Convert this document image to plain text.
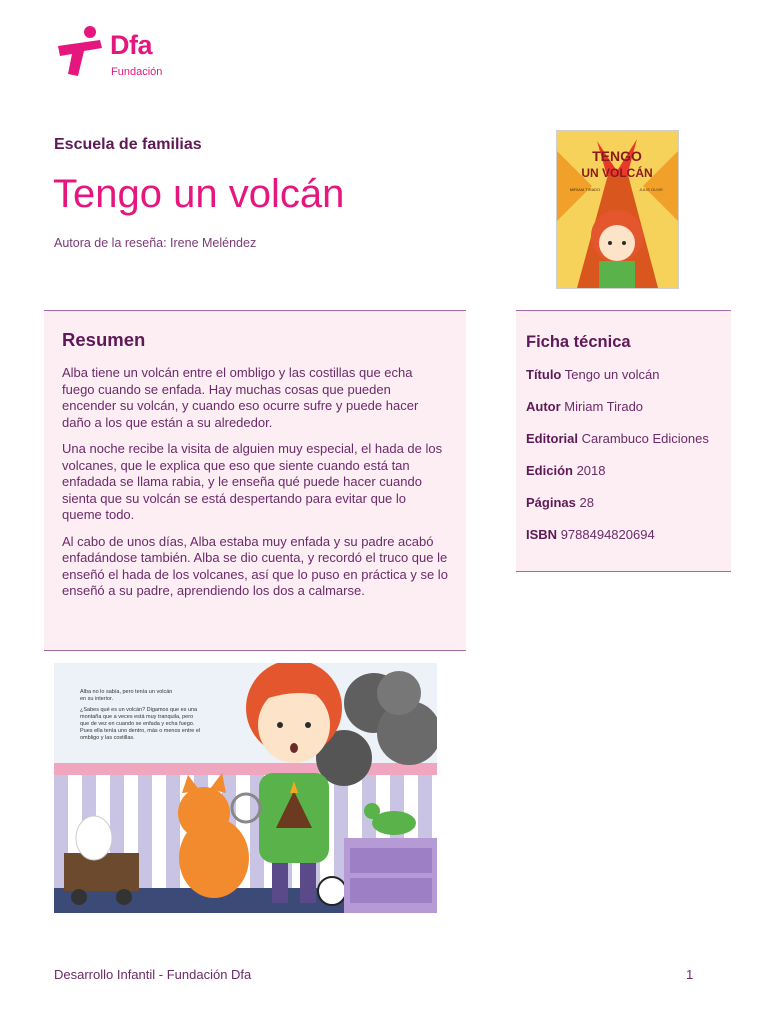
Dfa
Fundación
Escuela de familias
Tengo un volcán
Autora de la reseña: Irene Meléndez
TENGO
UN VOLCÁN
MIRIAM TIRADO	JULIE OLIVE
Resumen

Alba tiene un volcán entre el ombligo y las costillas que echa fuego cuando se enfada. Hay muchas cosas que pueden encender su volcán, y cuando eso ocurre sufre y puede hacer daño a los que están a su alrededor.

Una noche recibe la visita de alguien muy especial, el hada de los volcanes, que le explica que eso que siente cuando está tan enfadada se llama rabia, y le enseña qué puede hacer cuando sienta que su volcán se está despertando para evitar que lo queme todo.

Al cabo de unos días, Alba estaba muy enfada y su padre acabó enfadándose también. Alba se dio cuenta, y recordó el truco que le enseñó el hada de los volcanes, así que lo puso en práctica y se lo enseñó a su padre, aprendiendo los dos a calmarse.

Ficha técnica
Título Tengo un volcán
Autor Miriam Tirado
Editorial Carambuco Ediciones
Edición 2018
Páginas 28
ISBN 9788494820694
Alba no lo sabía, pero tenía un volcán
en su interior.
¿Sabes qué es un volcán? Digamos que es una
montaña que a veces está muy tranquila, pero
que de vez en cuando se enfada y echa fuego.
Pues ella tenía uno dentro, más o menos entre el
ombligo y las costillas.
Desarrollo Infantil - Fundación Dfa	1
